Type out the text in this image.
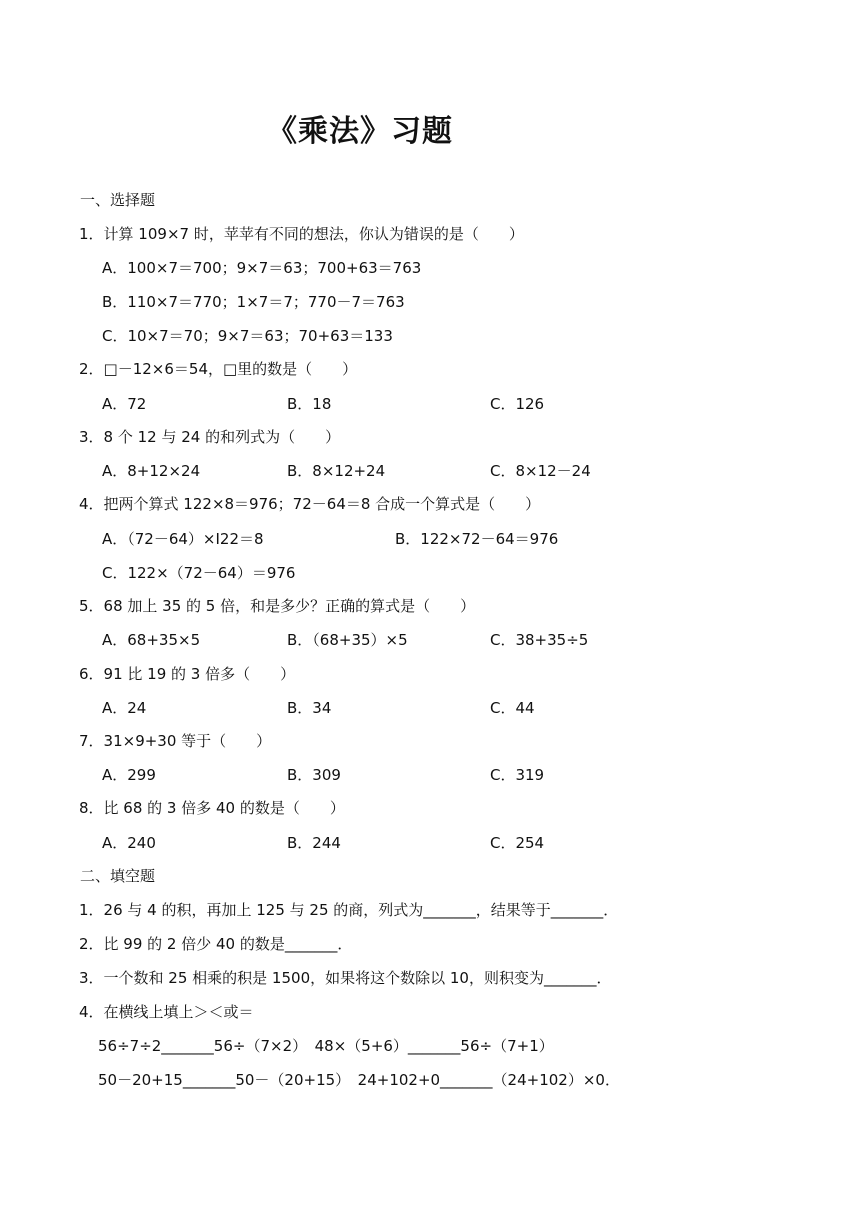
《乘法》习题
一、选择题
1．计算 109×7 时，苹苹有不同的想法，你认为错误的是（　　）
A．100×7＝700；9×7＝63；700+63＝763
B．110×7＝770；1×7＝7；770－7＝763
C．10×7＝70；9×7＝63；70+63＝133
2．□－12×6＝54，□里的数是（　　）
A．72	B．18	C．126
3．8 个 12 与 24 的和列式为（　　）
A．8+12×24	B．8×12+24	C．8×12－24
4．把两个算式 122×8＝976；72－64＝8 合成一个算式是（　　）
A．（72－64）×I22＝8	B．122×72－64＝976
C．122×（72－64）＝976
5．68 加上 35 的 5 倍，和是多少？正确的算式是（　　）
A．68+35×5	B．（68+35）×5	C．38+35÷5
6．91 比 19 的 3 倍多（　　）
A．24	B．34	C．44
7．31×9+30 等于（　　）
A．299	B．309	C．319
8．比 68 的 3 倍多 40 的数是（　　）
A．240	B．244	C．254
二、填空题
1．26 与 4 的积，再加上 125 与 25 的商，列式为_______，结果等于_______．
2．比 99 的 2 倍少 40 的数是_______．
3．一个数和 25 相乘的积是 1500，如果将这个数除以 10，则积变为_______．
4．在横线上填上＞＜或＝
56÷7÷2_______56÷（7×2）　48×（5+6）_______56÷（7+1）
50－20+15_______50－（20+15）　24+102+0_______（24+102）×0．
